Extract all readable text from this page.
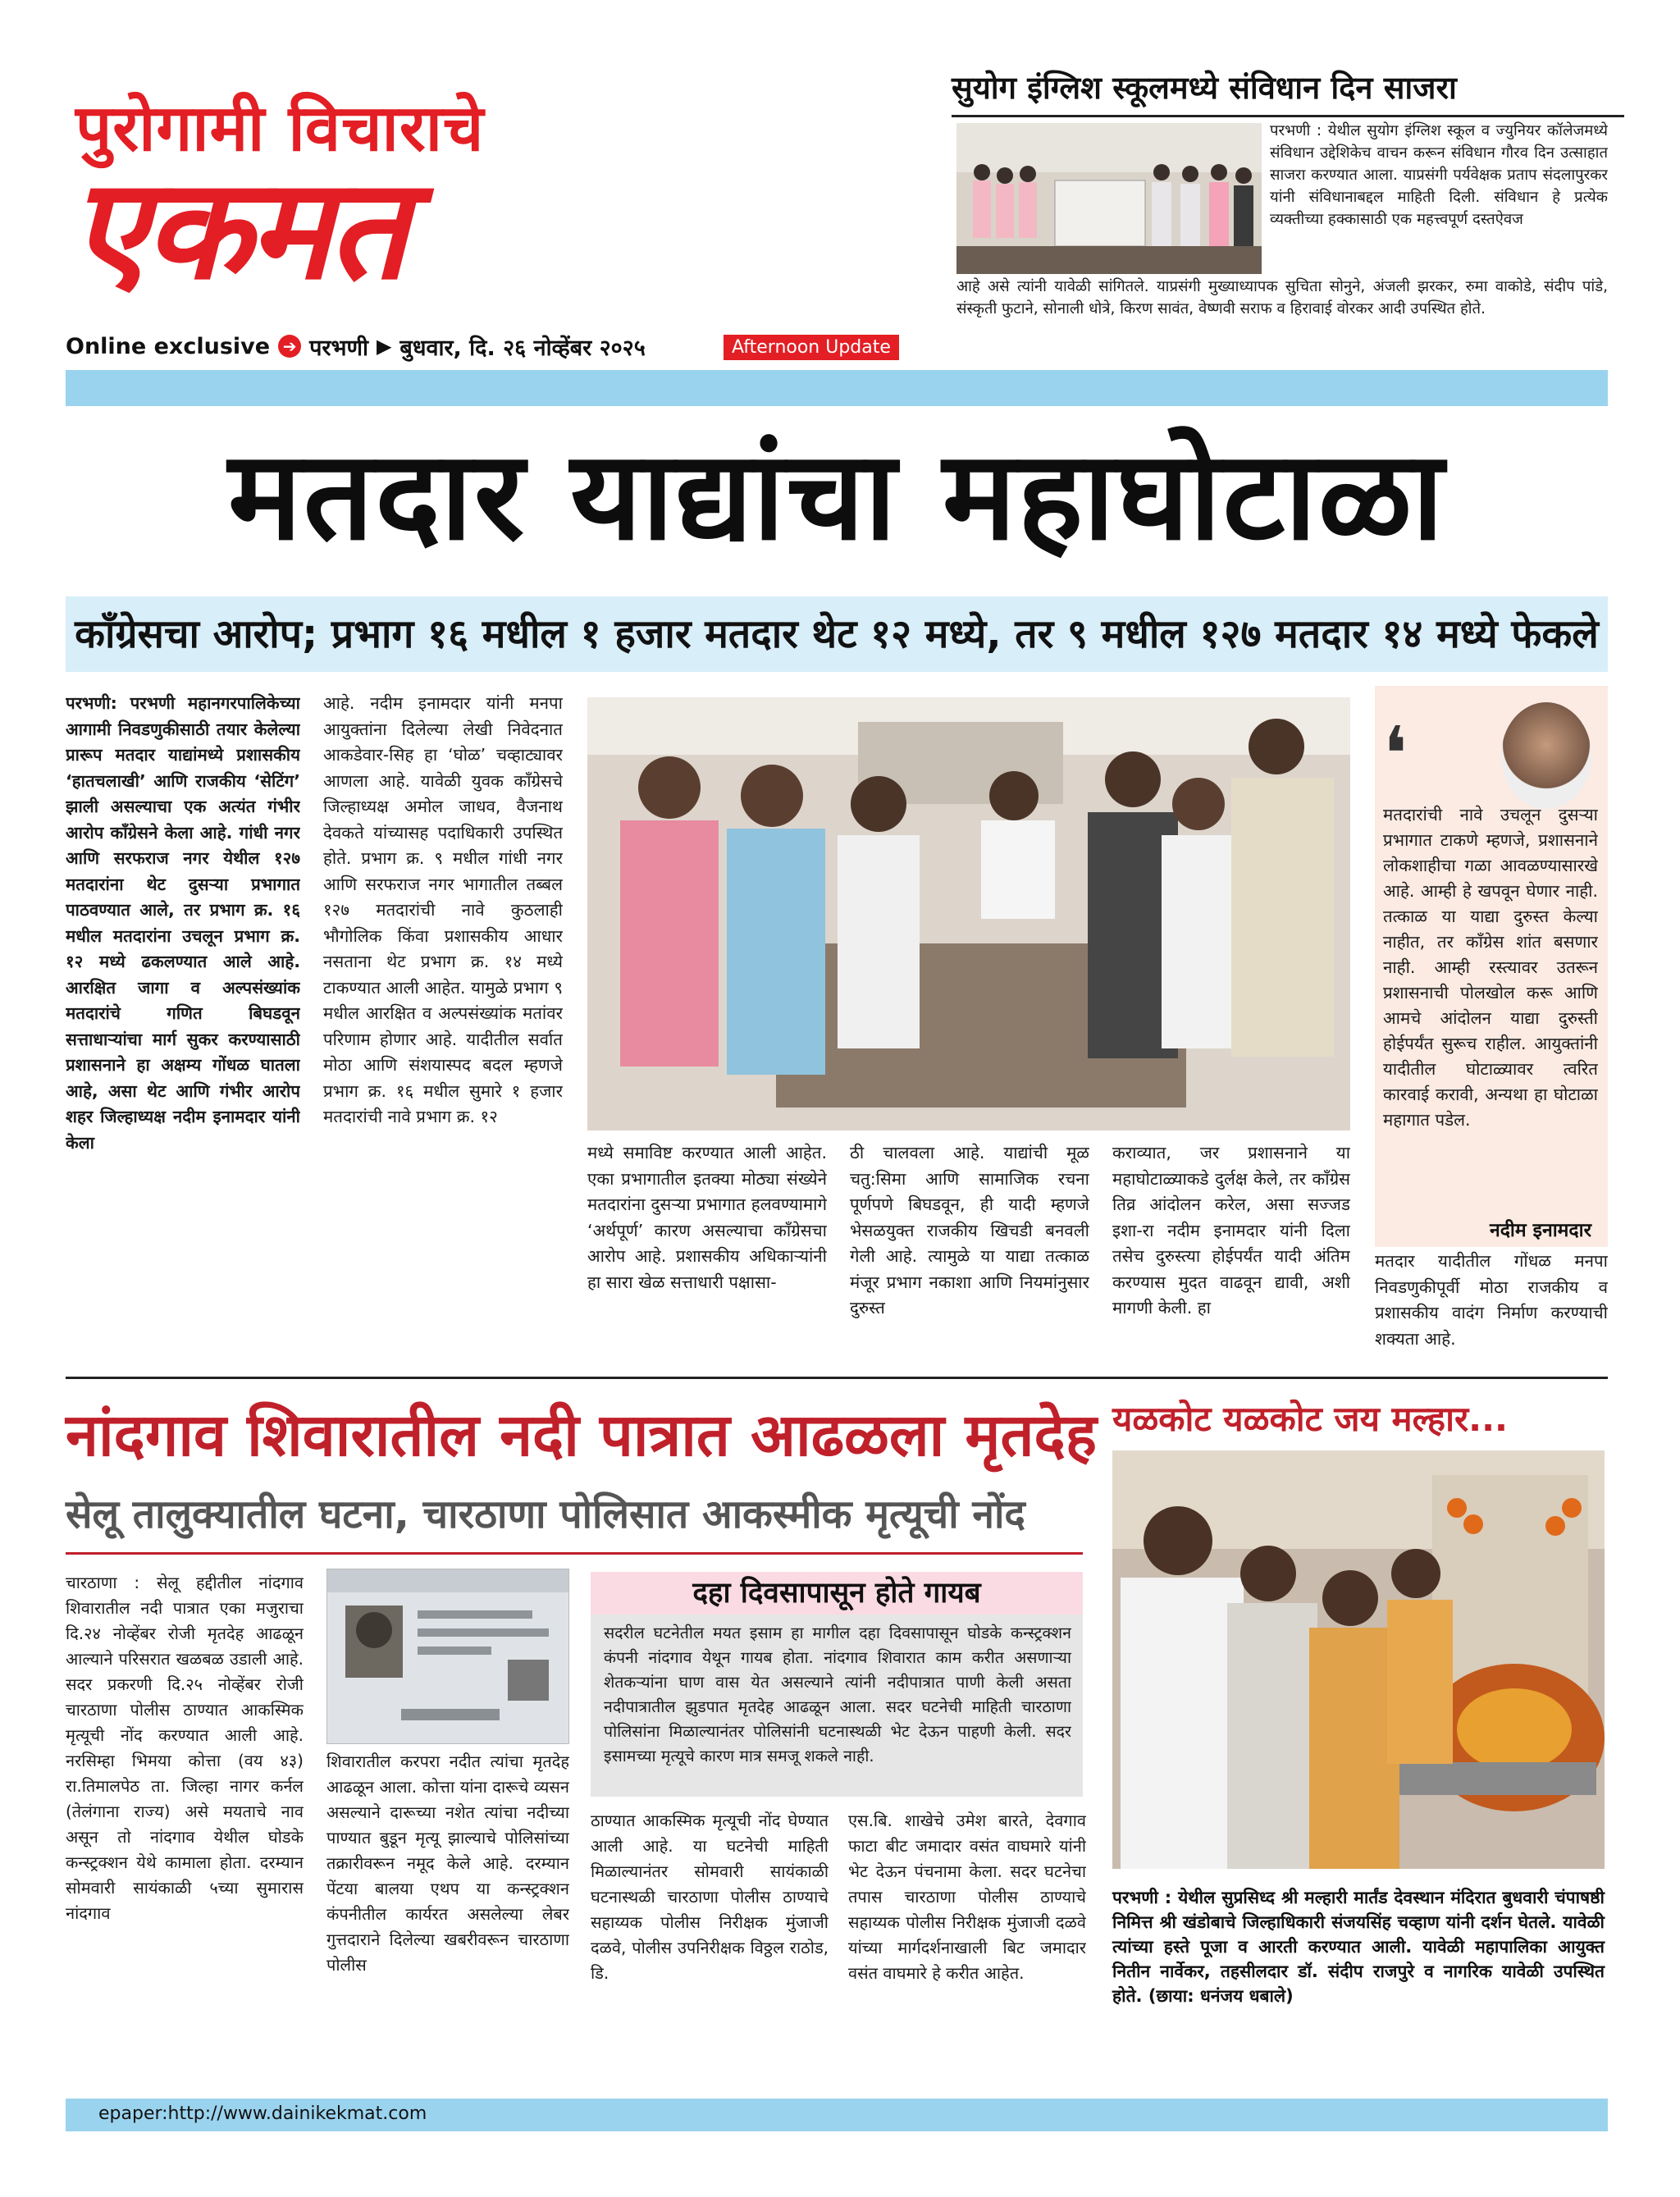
पुरोगामी विचाराचे
एकमत
Online exclusive ➔ परभणी ▶ बुधवार, दि. २६ नोव्हेंबर २०२५	Afternoon Update
सुयोग इंग्लिश स्कूलमध्ये संविधान दिन साजरा
परभणी : येथील सुयोग इंग्लिश स्कूल व ज्युनियर कॉलेजमध्ये संविधान उद्देशिकेच वाचन करून संविधान गौरव दिन उत्साहात साजरा करण्यात आला. याप्रसंगी पर्यवेक्षक प्रताप संदलापुरकर यांनी संविधानाबद्दल माहिती दिली. संविधान हे प्रत्येक व्यक्तीच्या हक्कासाठी एक महत्त्वपूर्ण दस्तऐवज
आहे असे त्यांनी यावेळी सांगितले. याप्रसंगी मुख्याध्यापक सुचिता सोनुने, अंजली झरकर, रुमा वाकोडे, संदीप पांडे, संस्कृती फुटाने, सोनाली धोत्रे, किरण सावंत, वेष्णवी सराफ व हिरावाई वोरकर आदी उपस्थित होते.
मतदार याद्यांचा महाघोटाळा
कॉंग्रेसचा आरोप; प्रभाग १६ मधील १ हजार मतदार थेट १२ मध्ये, तर ९ मधील १२७ मतदार १४ मध्ये फेकले
परभणी: परभणी महानगरपालिकेच्या आगामी निवडणुकीसाठी तयार केलेल्या प्रारूप मतदार याद्यांमध्ये प्रशासकीय ‘हातचलाखी’ आणि राजकीय ‘सेटिंग’ झाली असल्याचा एक अत्यंत गंभीर आरोप कॉंग्रेसने केला आहे. गांधी नगर आणि सरफराज नगर येथील १२७ मतदारांना थेट दुसऱ्या प्रभागात पाठवण्यात आले, तर प्रभाग क्र. १६ मधील मतदारांना उचलून प्रभाग क्र. १२ मध्ये ढकलण्यात आले आहे. आरक्षित जागा व अल्पसंख्यांक मतदारांचे गणित बिघडवून सत्ताधाऱ्यांचा मार्ग सुकर करण्यासाठी प्रशासनाने हा अक्षम्य गोंधळ घातला आहे, असा थेट आणि गंभीर आरोप शहर जिल्हाध्यक्ष नदीम इनामदार यांनी केला
आहे. नदीम इनामदार यांनी मनपा आयुक्तांना दिलेल्या लेखी निवेदनात आकडेवार-सिह हा ‘घोळ’ चव्हाट्यावर आणला आहे. यावेळी युवक कॉंग्रेसचे जिल्हाध्यक्ष अमोल जाधव, वैजनाथ देवकते यांच्यासह पदाधिकारी उपस्थित होते. प्रभाग क्र. ९ मधील गांधी नगर आणि सरफराज नगर भागातील तब्बल १२७ मतदारांची नावे कुठलाही भौगोलिक किंवा प्रशासकीय आधार नसताना थेट प्रभाग क्र. १४ मध्ये टाकण्यात आली आहेत. यामुळे प्रभाग ९ मधील आरक्षित व अल्पसंख्यांक मतांवर परिणाम होणार आहे. यादीतील सर्वात मोठा आणि संशयास्पद बदल म्हणजे प्रभाग क्र. १६ मधील सुमारे १ हजार मतदारांची नावे प्रभाग क्र. १२
मध्ये समाविष्ट करण्यात आली आहेत. एका प्रभागातील इतक्या मोठ्या संख्येने मतदारांना दुसऱ्या प्रभागात हलवण्यामागे ‘अर्थपूर्ण’ कारण असल्याचा कॉंग्रेसचा आरोप आहे. प्रशासकीय अधिकाऱ्यांनी हा सारा खेळ सत्ताधारी पक्षासा-
ठी चालवला आहे. याद्यांची मूळ चतु:सिमा आणि सामाजिक रचना पूर्णपणे बिघडवून, ही यादी म्हणजे भेसळयुक्त राजकीय खिचडी बनवली गेली आहे. त्यामुळे या याद्या तत्काळ मंजूर प्रभाग नकाशा आणि नियमांनुसार दुरुस्त
कराव्यात, जर प्रशासनाने या महाघोटाळ्याकडे दुर्लक्ष केले, तर कॉंग्रेस तिव्र आंदोलन करेल, असा सज्जड इशा-रा नदीम इनामदार यांनी दिला तसेच दुरुस्त्या होईपर्यंत यादी अंतिम करण्यास मुदत वाढवून द्यावी, अशी मागणी केली. हा
❛
मतदारांची नावे उचलून दुसऱ्या प्रभागात टाकणे म्हणजे, प्रशासनाने लोकशाहीचा गळा आवळण्यासारखे आहे. आम्ही हे खपवून घेणार नाही. तत्काळ या याद्या दुरुस्त केल्या नाहीत, तर कॉंग्रेस शांत बसणार नाही. आम्ही रस्त्यावर उतरून प्रशासनाची पोलखोल करू आणि आमचे आंदोलन याद्या दुरुस्ती होईपर्यंत सुरूच राहील. आयुक्तांनी यादीतील घोटाळ्यावर त्वरित कारवाई करावी, अन्यथा हा घोटाळा महागात पडेल.
नदीम इनामदार
मतदार यादीतील गोंधळ मनपा निवडणुकीपूर्वी मोठा राजकीय व प्रशासकीय वादंग निर्माण करण्याची शक्यता आहे.
नांदगाव शिवारातील नदी पात्रात आढळला मृतदेह
सेलू तालुक्यातील घटना, चारठाणा पोलिसात आकस्मीक मृत्यूची नोंद
चारठाणा : सेलू हद्दीतील नांदगाव शिवारातील नदी पात्रात एका मजुराचा दि.२४ नोव्हेंबर रोजी मृतदेह आढळून आल्याने परिसरात खळबळ उडाली आहे. सदर प्रकरणी दि.२५ नोव्हेंबर रोजी चारठाणा पोलीस ठाण्यात आकस्मिक मृत्यूची नोंद करण्यात आली आहे. नरसिम्हा भिमया कोत्ता (वय ४३) रा.तिमालपेठ ता. जिल्हा नागर कर्नल (तेलंगाना राज्य) असे मयताचे नाव असून तो नांदगाव येथील घोडके कन्स्ट्रक्शन येथे कामाला होता. दरम्यान सोमवारी सायंकाळी ५च्या सुमारास नांदगाव
शिवारातील करपरा नदीत त्यांचा मृतदेह आढळून आला. कोत्ता यांना दारूचे व्यसन असल्याने दारूच्या नशेत त्यांचा नदीच्या पाण्यात बुडून मृत्यू झाल्याचे पोलिसांच्या तक्रारीवरून नमूद केले आहे. दरम्यान पेंटया बालया एथप या कन्स्ट्रक्शन कंपनीतील कार्यरत असलेल्या लेबर गुत्तदाराने दिलेल्या खबरीवरून चारठाणा पोलीस
दहा दिवसापासून होते गायब
सदरील घटनेतील मयत इसाम हा मागील दहा दिवसापासून घोडके कन्स्ट्रक्शन कंपनी नांदगाव येथून गायब होता. नांदगाव शिवारात काम करीत असणाऱ्या शेतकऱ्यांना घाण वास येत असल्याने त्यांनी नदीपात्रात पाणी केली असता नदीपात्रातील झुडपात मृतदेह आढळून आला. सदर घटनेची माहिती चारठाणा पोलिसांना मिळाल्यानंतर पोलिसांनी घटनास्थळी भेट देऊन पाहणी केली. सदर इसामच्या मृत्यूचे कारण मात्र समजू शकले नाही.
ठाण्यात आकस्मिक मृत्यूची नोंद घेण्यात आली आहे. या घटनेची माहिती मिळाल्यानंतर सोमवारी सायंकाळी घटनास्थळी चारठाणा पोलीस ठाण्याचे सहाय्यक पोलीस निरीक्षक मुंजाजी दळवे, पोलीस उपनिरीक्षक विठ्ठल राठोड, डि.
एस.बि. शाखेचे उमेश बारते, देवगाव फाटा बीट जमादार वसंत वाघमारे यांनी भेट देऊन पंचनामा केला. सदर घटनेचा तपास चारठाणा पोलीस ठाण्याचे सहाय्यक पोलीस निरीक्षक मुंजाजी दळवे यांच्या मार्गदर्शनाखाली बिट जमादार वसंत वाघमारे हे करीत आहेत.
यळकोट यळकोट जय मल्हार...
परभणी : येथील सुप्रसिध्द श्री मल्हारी मार्तंड देवस्थान मंदिरात बुधवारी चंपाषष्ठी निमित्त श्री खंडोबाचे जिल्हाधिकारी संजयसिंह चव्हाण यांनी दर्शन घेतले. यावेळी त्यांच्या हस्ते पूजा व आरती करण्यात आली. यावेळी महापालिका आयुक्त नितीन नार्वेकर, तहसीलदार डॉ. संदीप राजपुरे व नागरिक यावेळी उपस्थित होते. (छाया: धनंजय धबाले)
epaper:http://www.dainikekmat.com
